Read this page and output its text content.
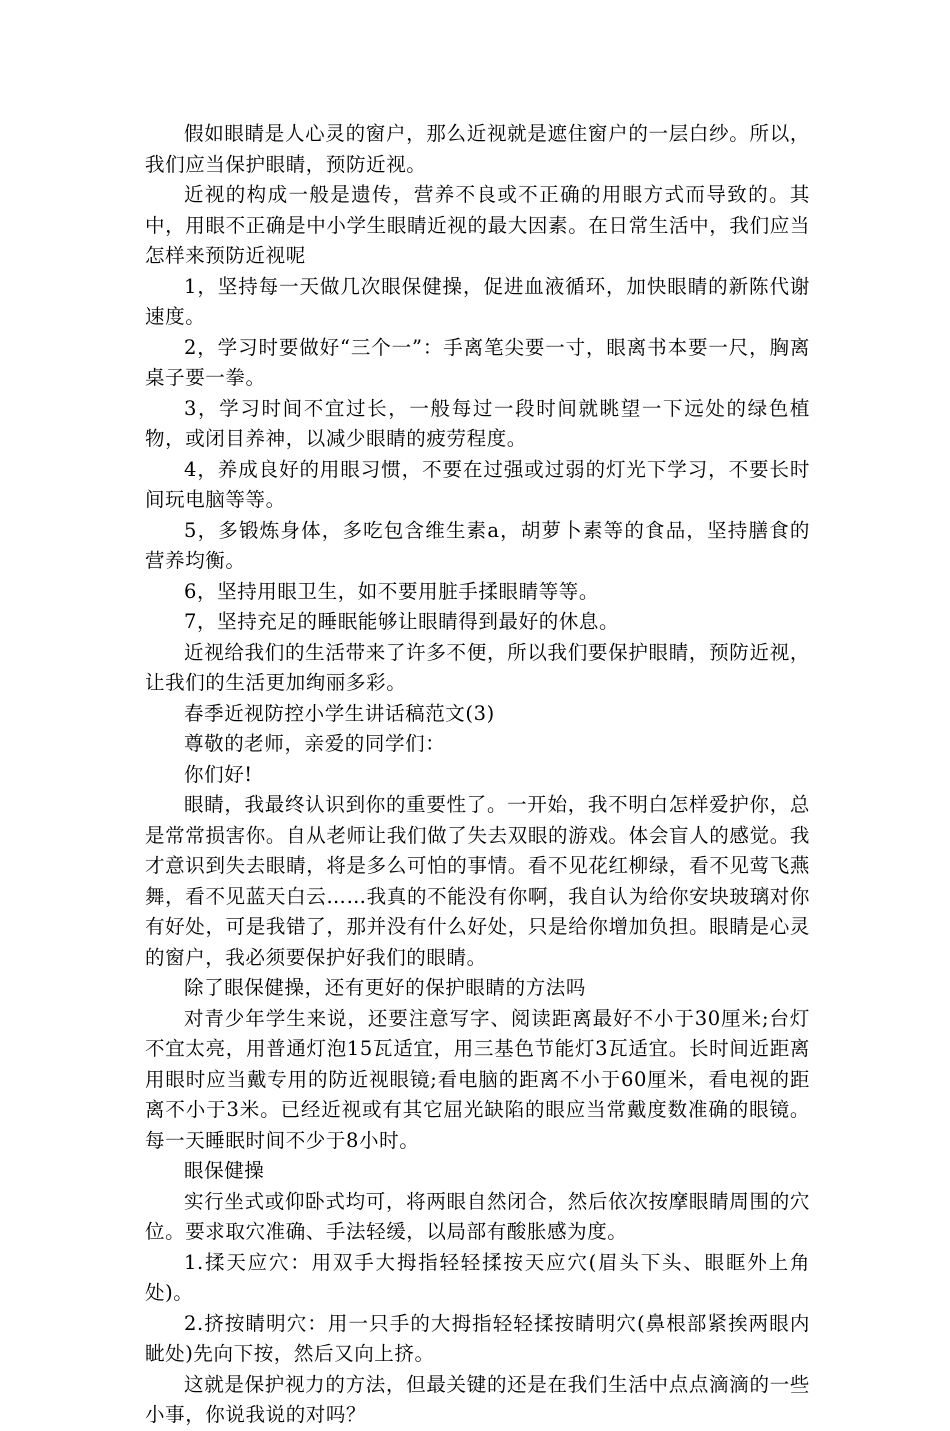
假如眼睛是人心灵的窗户，那么近视就是遮住窗户的一层白纱。所以，我们应当保护眼睛，预防近视。

近视的构成一般是遗传，营养不良或不正确的用眼方式而导致的。其中，用眼不正确是中小学生眼睛近视的最大因素。在日常生活中，我们应当怎样来预防近视呢

1，坚持每一天做几次眼保健操，促进血液循环，加快眼睛的新陈代谢速度。

2，学习时要做好“三个一”：手离笔尖要一寸，眼离书本要一尺，胸离桌子要一拳。

3，学习时间不宜过长，一般每过一段时间就眺望一下远处的绿色植物，或闭目养神，以减少眼睛的疲劳程度。

4，养成良好的用眼习惯，不要在过强或过弱的灯光下学习，不要长时间玩电脑等等。

5，多锻炼身体，多吃包含维生素a，胡萝卜素等的食品，坚持膳食的营养均衡。

6，坚持用眼卫生，如不要用脏手揉眼睛等等。

7，坚持充足的睡眠能够让眼睛得到最好的休息。

近视给我们的生活带来了许多不便，所以我们要保护眼睛，预防近视，让我们的生活更加绚丽多彩。

春季近视防控小学生讲话稿范文(3)

尊敬的老师，亲爱的同学们：

你们好!

眼睛，我最终认识到你的重要性了。一开始，我不明白怎样爱护你，总是常常损害你。自从老师让我们做了失去双眼的游戏。体会盲人的感觉。我才意识到失去眼睛，将是多么可怕的事情。看不见花红柳绿，看不见莺飞燕舞，看不见蓝天白云……我真的不能没有你啊，我自认为给你安块玻璃对你有好处，可是我错了，那并没有什么好处，只是给你增加负担。眼睛是心灵的窗户，我必须要保护好我们的眼睛。

除了眼保健操，还有更好的保护眼睛的方法吗

对青少年学生来说，还要注意写字、阅读距离最好不小于30厘米;台灯不宜太亮，用普通灯泡15瓦适宜，用三基色节能灯3瓦适宜。长时间近距离用眼时应当戴专用的防近视眼镜;看电脑的距离不小于60厘米，看电视的距离不小于3米。已经近视或有其它屈光缺陷的眼应当常戴度数准确的眼镜。每一天睡眠时间不少于8小时。

眼保健操

实行坐式或仰卧式均可，将两眼自然闭合，然后依次按摩眼睛周围的穴位。要求取穴准确、手法轻缓，以局部有酸胀感为度。

1.揉天应穴：用双手大拇指轻轻揉按天应穴(眉头下头、眼眶外上角处)。

2.挤按睛明穴：用一只手的大拇指轻轻揉按睛明穴(鼻根部紧挨两眼内眦处)先向下按，然后又向上挤。

这就是保护视力的方法，但最关键的还是在我们生活中点点滴滴的一些小事，你说我说的对吗？
